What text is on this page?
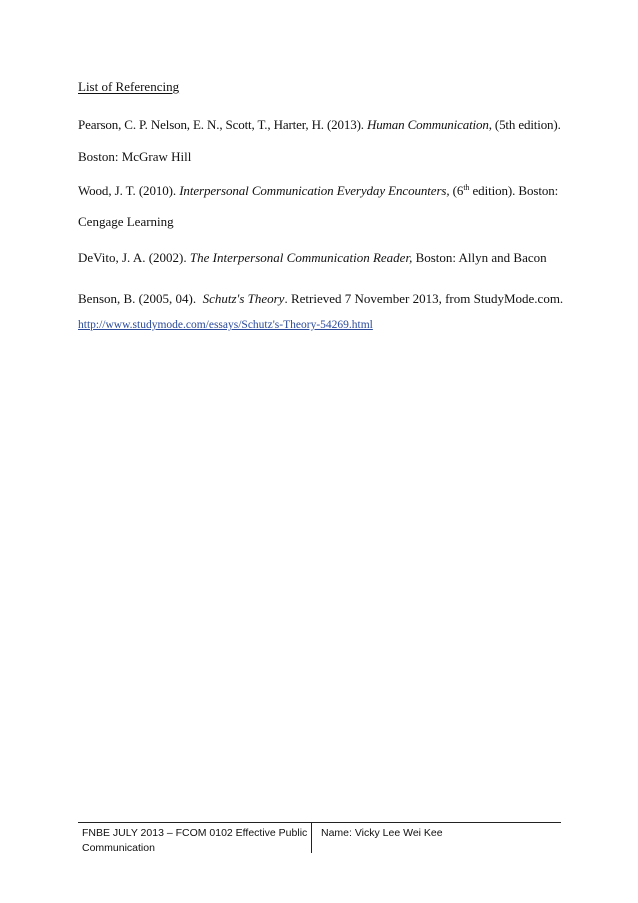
List of Referencing
Pearson, C. P. Nelson, E. N., Scott, T., Harter, H. (2013). Human Communication, (5th edition).
Boston: McGraw Hill
Wood, J. T. (2010). Interpersonal Communication Everyday Encounters, (6th edition). Boston:
Cengage Learning
DeVito, J. A. (2002). The Interpersonal Communication Reader, Boston: Allyn and Bacon
Benson, B. (2005, 04).  Schutz's Theory. Retrieved 7 November 2013, from StudyMode.com.
http://www.studymode.com/essays/Schutz's-Theory-54269.html
FNBE JULY 2013 – FCOM 0102 Effective Public
Communication
Name: Vicky Lee Wei Kee
